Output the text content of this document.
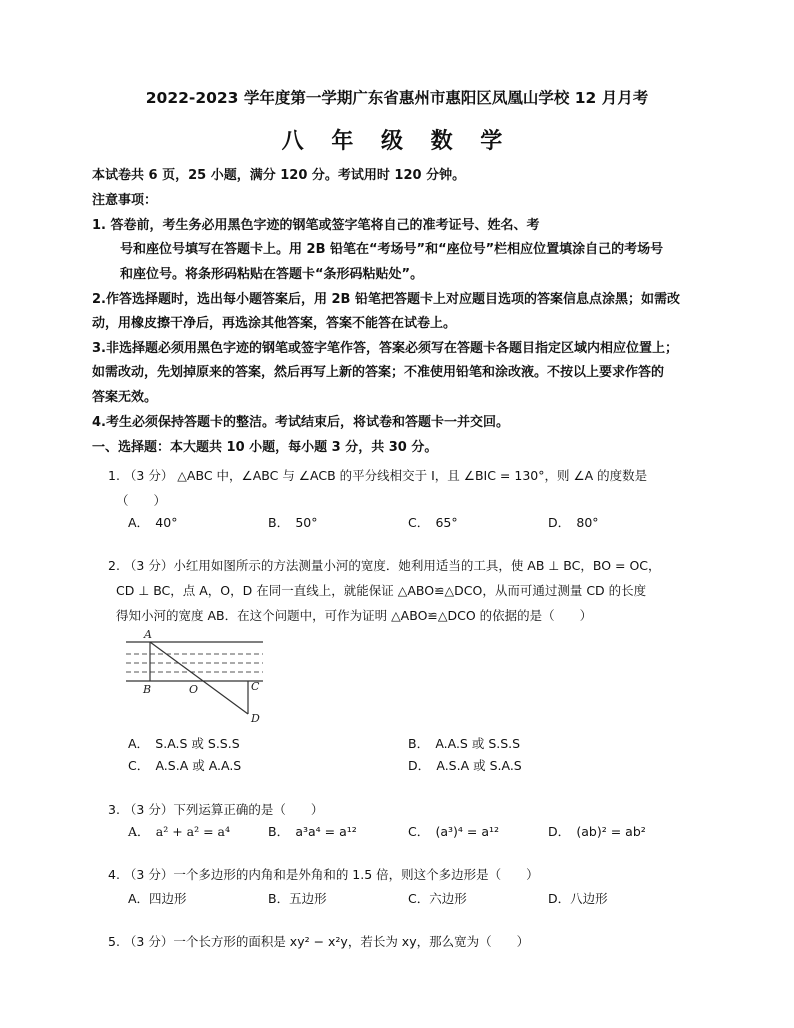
2022-2023 学年度第一学期广东省惠州市惠阳区凤凰山学校 12 月月考
八 年 级 数 学
本试卷共 6 页，25 小题，满分 120 分。考试用时 120 分钟。
注意事项：
1. 答卷前，考生务必用黑色字迹的钢笔或签字笔将自己的准考证号、姓名、考
号和座位号填写在答题卡上。用 2B 铅笔在“考场号”和“座位号”栏相应位置填涂自己的考场号
和座位号。将条形码粘贴在答题卡“条形码粘贴处”。
2.作答选择题时，选出每小题答案后，用 2B 铅笔把答题卡上对应题目选项的答案信息点涂黑；如需改
动，用橡皮擦干净后，再选涂其他答案，答案不能答在试卷上。
3.非选择题必须用黑色字迹的钢笔或签字笔作答，答案必须写在答题卡各题目指定区域内相应位置上；
如需改动，先划掉原来的答案，然后再写上新的答案；不准使用铅笔和涂改液。不按以上要求作答的
答案无效。
4.考生必须保持答题卡的整洁。考试结束后，将试卷和答题卡一并交回。
一、选择题：本大题共 10 小题，每小题 3 分，共 30 分。
1. （3 分） △ABC 中，∠ABC 与 ∠ACB 的平分线相交于 I，且 ∠BIC = 130°，则 ∠A 的度数是
（　　）
A．　40°	B．　50°	C．　65°	D．　80°
2. （3 分）小红用如图所示的方法测量小河的宽度．她利用适当的工具，使 AB ⊥ BC，BO = OC，
CD ⊥ BC，点 A，O，D 在同一直线上，就能保证 △ABO≌△DCO，从而可通过测量 CD 的长度
得知小河的宽度 AB．在这个问题中，可作为证明 △ABO≌△DCO 的依据的是（　　）
A
B	O	C
D
A．　S.A.S 或 S.S.S	B．　A.A.S 或 S.S.S
C．　A.S.A 或 A.A.S	D．　A.S.A 或 S.A.S
3. （3 分）下列运算正确的是（　　）
A．　a² + a² = a⁴	B．　a³a⁴ = a¹²	C．　(a³)⁴ = a¹²	D．　(ab)² = ab²
4. （3 分）一个多边形的内角和是外角和的 1.5 倍，则这个多边形是（　　）
A．四边形	B．五边形	C．六边形	D．八边形
5. （3 分）一个长方形的面积是 xy² − x²y，若长为 xy，那么宽为（　　）
